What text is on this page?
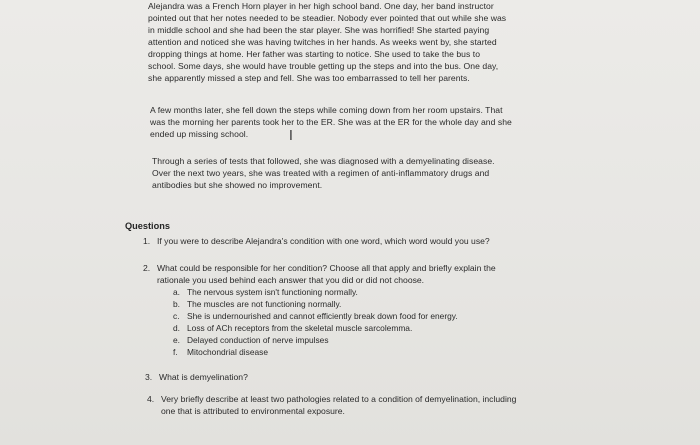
Alejandra was a French Horn player in her high school band. One day, her band instructor
pointed out that her notes needed to be steadier. Nobody ever pointed that out while she was
in middle school and she had been the star player. She was horrified! She started paying
attention and noticed she was having twitches in her hands. As weeks went by, she started
dropping things at home. Her father was starting to notice. She used to take the bus to
school. Some days, she would have trouble getting up the steps and into the bus. One day,
she apparently missed a step and fell. She was too embarrassed to tell her parents.
A few months later, she fell down the steps while coming down from her room upstairs. That
was the morning her parents took her to the ER. She was at the ER for the whole day and she
ended up missing school.	I
Through a series of tests that followed, she was diagnosed with a demyelinating disease.
Over the next two years, she was treated with a regimen of anti-inflammatory drugs and
antibodies but she showed no improvement.
Questions
1. If you were to describe Alejandra's condition with one word, which word would you use?
2. What could be responsible for her condition? Choose all that apply and briefly explain the
rationale you used behind each answer that you did or did not choose.
a. The nervous system isn't functioning normally.
b. The muscles are not functioning normally.
c. She is undernourished and cannot efficiently break down food for energy.
d. Loss of ACh receptors from the skeletal muscle sarcolemma.
e. Delayed conduction of nerve impulses
f. Mitochondrial disease
3. What is demyelination?
4. Very briefly describe at least two pathologies related to a condition of demyelination, including
one that is attributed to environmental exposure.
